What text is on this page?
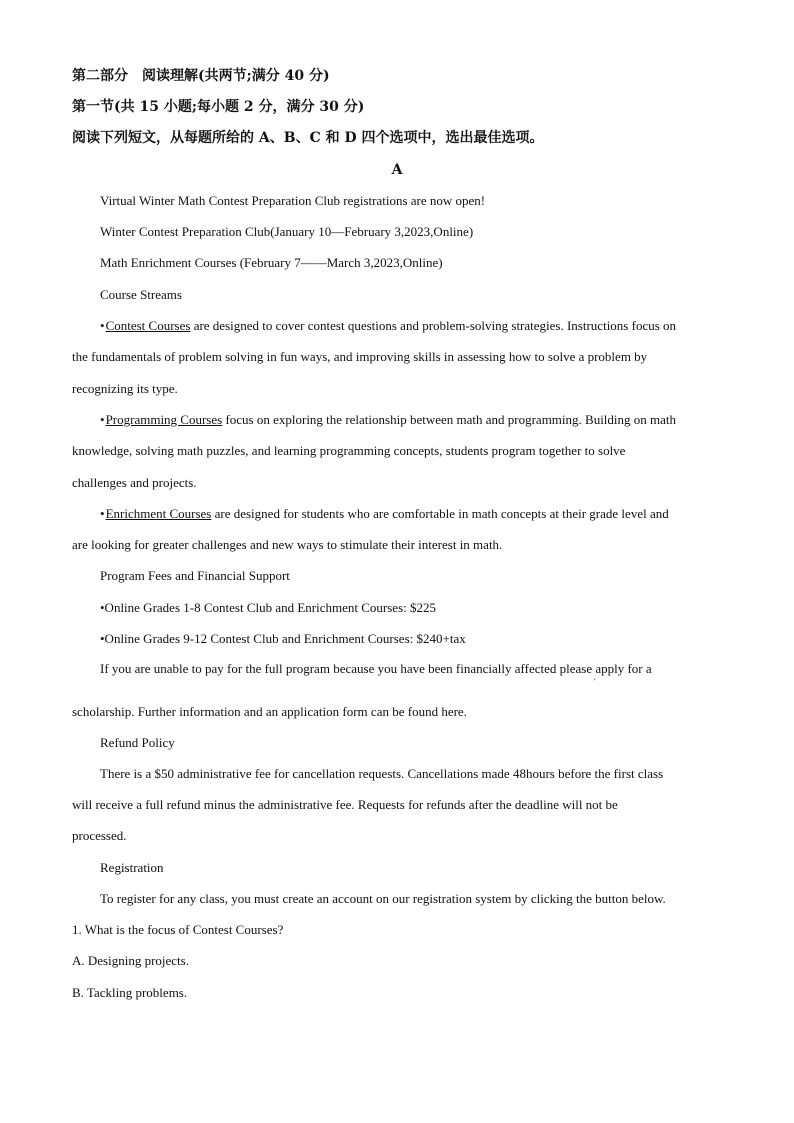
第二部分　阅读理解(共两节;满分 40 分)
第一节(共 15 小题;每小题 2 分，满分 30 分)
阅读下列短文，从每题所给的 A、B、C 和 D 四个选项中，选出最佳选项。
A
Virtual Winter Math Contest Preparation Club registrations are now open!
Winter Contest Preparation Club(January 10—February 3,2023,Online)
Math Enrichment Courses (February 7——March 3,2023,Online)
Course Streams
•Contest Courses are designed to cover contest questions and problem-solving strategies. Instructions focus on
the fundamentals of problem solving in fun ways, and improving skills in assessing how to solve a problem by
recognizing its type.
•Programming Courses focus on exploring the relationship between math and programming. Building on math
knowledge, solving math puzzles, and learning programming concepts, students program together to solve
challenges and projects.
•Enrichment Courses are designed for students who are comfortable in math concepts at their grade level and
are looking for greater challenges and new ways to stimulate their interest in math.
Program Fees and Financial Support
•Online Grades 1-8 Contest Club and Enrichment Courses: $225
•Online Grades 9-12 Contest Club and Enrichment Courses: $240+tax
If you are unable to pay for the full program because you have been financially affected please apply for a
'
scholarship. Further information and an application form can be found here.
Refund Policy
There is a $50 administrative fee for cancellation requests. Cancellations made 48hours before the first class
will receive a full refund minus the administrative fee. Requests for refunds after the deadline will not be
processed.
Registration
To register for any class, you must create an account on our registration system by clicking the button below.
1. What is the focus of Contest Courses?
A. Designing projects.
B. Tackling problems.
